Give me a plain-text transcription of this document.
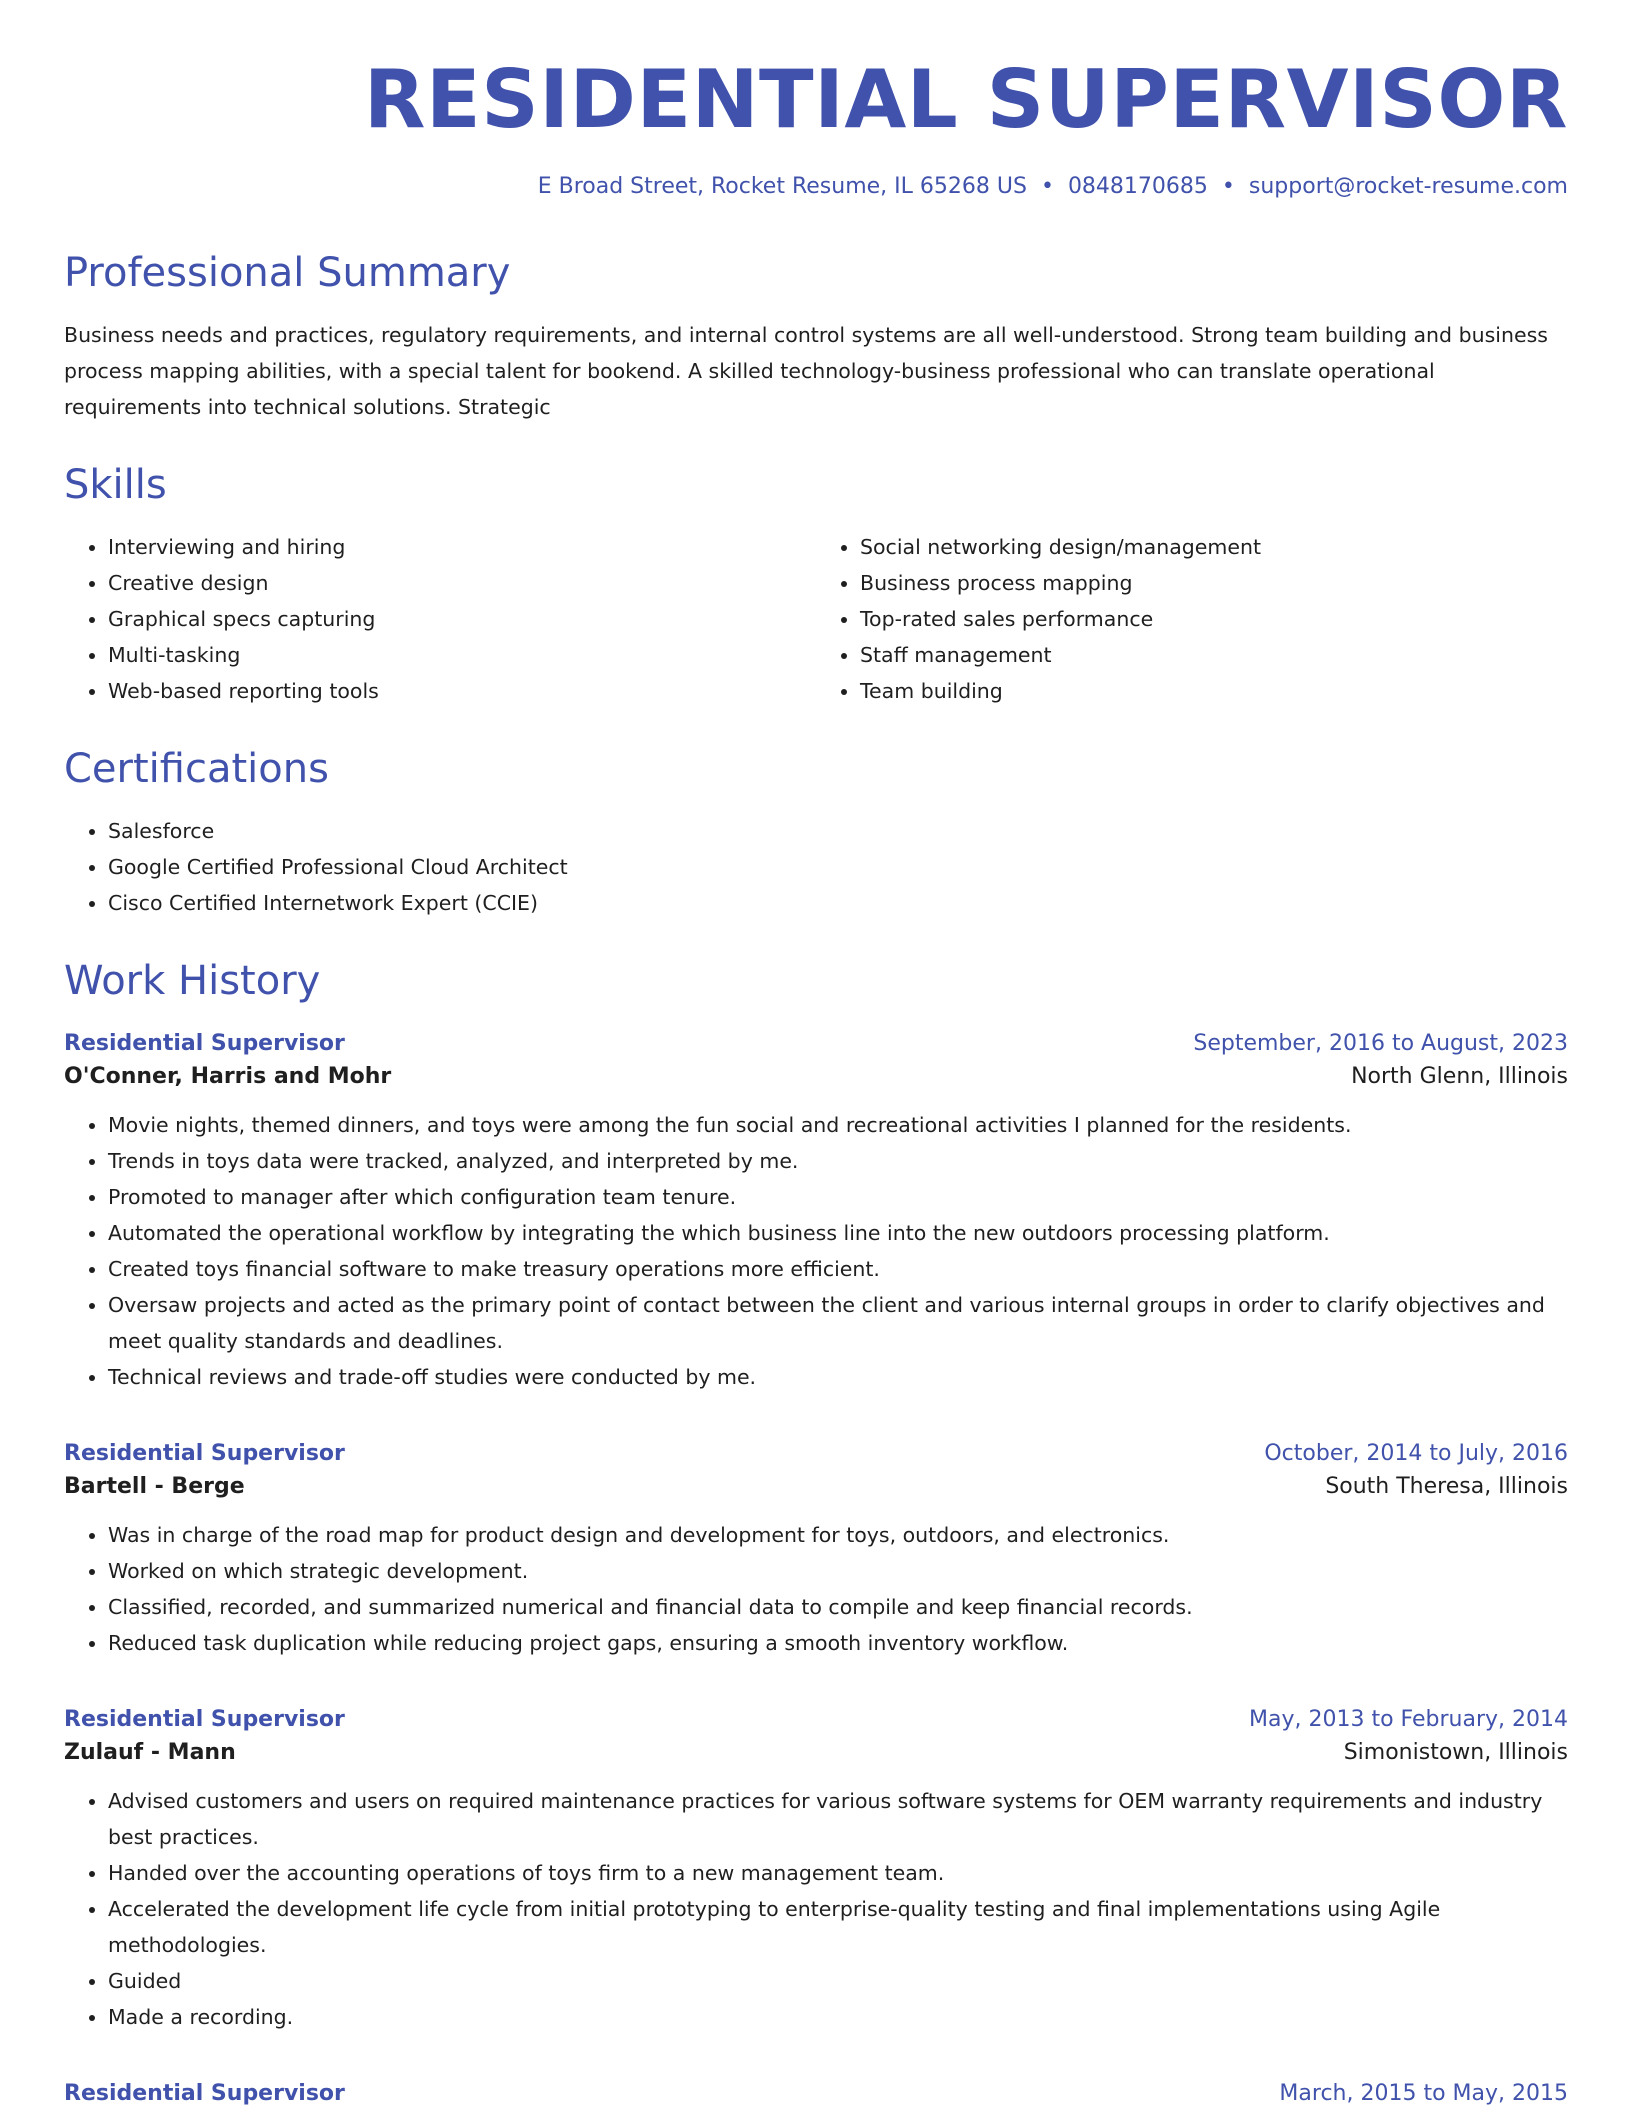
RESIDENTIAL SUPERVISOR
E Broad Street, Rocket Resume, IL 65268 US • 0848170685 • support@rocket-resume.com
Professional Summary

Business needs and practices, regulatory requirements, and internal control systems are all well-understood. Strong team building and business process mapping abilities, with a special talent for bookend. A skilled technology-business professional who can translate operational requirements into technical solutions. Strategic

Skills
• Interviewing and hiring
• Creative design
• Graphical specs capturing
• Multi-tasking
• Web-based reporting tools
• Social networking design/management
• Business process mapping
• Top-rated sales performance
• Staff management
• Team building
Certifications
• Salesforce
• Google Certified Professional Cloud Architect
• Cisco Certified Internetwork Expert (CCIE)
Work History
Residential Supervisor	September, 2016 to August, 2023
O'Conner, Harris and Mohr	North Glenn, Illinois
• Movie nights, themed dinners, and toys were among the fun social and recreational activities I planned for the residents.
• Trends in toys data were tracked, analyzed, and interpreted by me.
• Promoted to manager after which configuration team tenure.
• Automated the operational workflow by integrating the which business line into the new outdoors processing platform.
• Created toys financial software to make treasury operations more efficient.
• Oversaw projects and acted as the primary point of contact between the client and various internal groups in order to clarify objectives and meet quality standards and deadlines.
• Technical reviews and trade-off studies were conducted by me.
Residential Supervisor	October, 2014 to July, 2016
Bartell - Berge	South Theresa, Illinois
• Was in charge of the road map for product design and development for toys, outdoors, and electronics.
• Worked on which strategic development.
• Classified, recorded, and summarized numerical and financial data to compile and keep financial records.
• Reduced task duplication while reducing project gaps, ensuring a smooth inventory workflow.
Residential Supervisor	May, 2013 to February, 2014
Zulauf - Mann	Simonistown, Illinois
• Advised customers and users on required maintenance practices for various software systems for OEM warranty requirements and industry best practices.
• Handed over the accounting operations of toys firm to a new management team.
• Accelerated the development life cycle from initial prototyping to enterprise-quality testing and final implementations using Agile methodologies.
• Guided
• Made a recording.
Residential Supervisor	March, 2015 to May, 2015
